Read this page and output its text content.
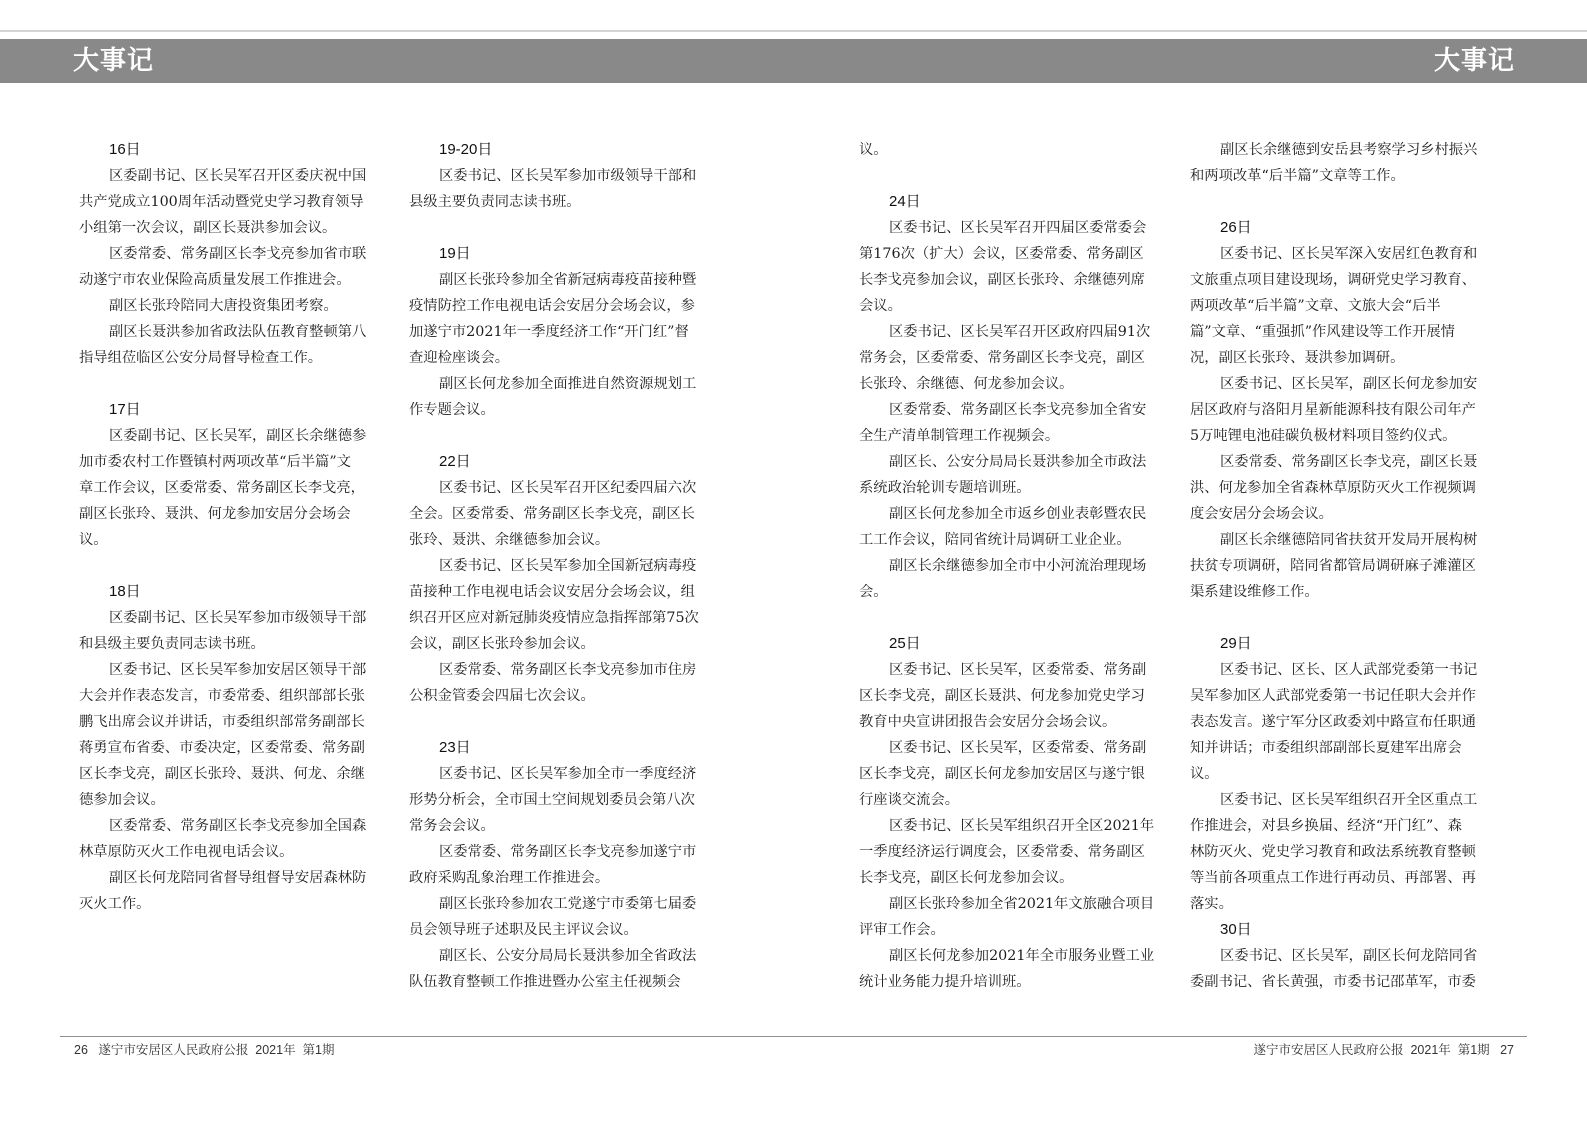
大事记	大事记
16日
区委副书记、区长吴军召开区委庆祝中国
共产党成立100周年活动暨党史学习教育领导
小组第一次会议，副区长聂洪参加会议。
区委常委、常务副区长李戈亮参加省市联
动遂宁市农业保险高质量发展工作推进会。
副区长张玲陪同大唐投资集团考察。
副区长聂洪参加省政法队伍教育整顿第八
指导组莅临区公安分局督导检查工作。
17日
区委副书记、区长吴军，副区长余继德参
加市委农村工作暨镇村两项改革“后半篇”文
章工作会议，区委常委、常务副区长李戈亮，
副区长张玲、聂洪、何龙参加安居分会场会
议。
18日
区委副书记、区长吴军参加市级领导干部
和县级主要负责同志读书班。
区委书记、区长吴军参加安居区领导干部
大会并作表态发言，市委常委、组织部部长张
鹏飞出席会议并讲话，市委组织部常务副部长
蒋勇宣布省委、市委决定，区委常委、常务副
区长李戈亮，副区长张玲、聂洪、何龙、余继
德参加会议。
区委常委、常务副区长李戈亮参加全国森
林草原防灭火工作电视电话会议。
副区长何龙陪同省督导组督导安居森林防
灭火工作。
19-20日
区委书记、区长吴军参加市级领导干部和
县级主要负责同志读书班。
19日
副区长张玲参加全省新冠病毒疫苗接种暨
疫情防控工作电视电话会安居分会场会议，参
加遂宁市2021年一季度经济工作“开门红”督
查迎检座谈会。
副区长何龙参加全面推进自然资源规划工
作专题会议。
22日
区委书记、区长吴军召开区纪委四届六次
全会。区委常委、常务副区长李戈亮，副区长
张玲、聂洪、余继德参加会议。
区委书记、区长吴军参加全国新冠病毒疫
苗接种工作电视电话会议安居分会场会议，组
织召开区应对新冠肺炎疫情应急指挥部第75次
会议，副区长张玲参加会议。
区委常委、常务副区长李戈亮参加市住房
公积金管委会四届七次会议。
23日
区委书记、区长吴军参加全市一季度经济
形势分析会，全市国土空间规划委员会第八次
常务会会议。
区委常委、常务副区长李戈亮参加遂宁市
政府采购乱象治理工作推进会。
副区长张玲参加农工党遂宁市委第七届委
员会领导班子述职及民主评议会议。
副区长、公安分局局长聂洪参加全省政法
队伍教育整顿工作推进暨办公室主任视频会
议。
24日
区委书记、区长吴军召开四届区委常委会
第176次（扩大）会议，区委常委、常务副区
长李戈亮参加会议，副区长张玲、余继德列席
会议。
区委书记、区长吴军召开区政府四届91次
常务会，区委常委、常务副区长李戈亮，副区
长张玲、余继德、何龙参加会议。
区委常委、常务副区长李戈亮参加全省安
全生产清单制管理工作视频会。
副区长、公安分局局长聂洪参加全市政法
系统政治轮训专题培训班。
副区长何龙参加全市返乡创业表彰暨农民
工工作会议，陪同省统计局调研工业企业。
副区长余继德参加全市中小河流治理现场
会。
25日
区委书记、区长吴军，区委常委、常务副
区长李戈亮，副区长聂洪、何龙参加党史学习
教育中央宣讲团报告会安居分会场会议。
区委书记、区长吴军，区委常委、常务副
区长李戈亮，副区长何龙参加安居区与遂宁银
行座谈交流会。
区委书记、区长吴军组织召开全区2021年
一季度经济运行调度会，区委常委、常务副区
长李戈亮，副区长何龙参加会议。
副区长张玲参加全省2021年文旅融合项目
评审工作会。
副区长何龙参加2021年全市服务业暨工业
统计业务能力提升培训班。
副区长余继德到安岳县考察学习乡村振兴
和两项改革“后半篇”文章等工作。
26日
区委书记、区长吴军深入安居红色教育和
文旅重点项目建设现场，调研党史学习教育、
两项改革“后半篇”文章、文旅大会“后半
篇”文章、“重强抓”作风建设等工作开展情
况，副区长张玲、聂洪参加调研。
区委书记、区长吴军，副区长何龙参加安
居区政府与洛阳月星新能源科技有限公司年产
5万吨锂电池硅碳负极材料项目签约仪式。
区委常委、常务副区长李戈亮，副区长聂
洪、何龙参加全省森林草原防灭火工作视频调
度会安居分会场会议。
副区长余继德陪同省扶贫开发局开展构树
扶贫专项调研，陪同省都管局调研麻子滩灌区
渠系建设维修工作。
29日
区委书记、区长、区人武部党委第一书记
吴军参加区人武部党委第一书记任职大会并作
表态发言。遂宁军分区政委刘中路宣布任职通
知并讲话；市委组织部副部长夏建军出席会
议。
区委书记、区长吴军组织召开全区重点工
作推进会，对县乡换届、经济“开门红”、森
林防灭火、党史学习教育和政法系统教育整顿
等当前各项重点工作进行再动员、再部署、再
落实。
30日
区委书记、区长吴军，副区长何龙陪同省
委副书记、省长黄强，市委书记邵革军，市委
26 遂宁市安居区人民政府公报  2021年  第1期	遂宁市安居区人民政府公报  2021年  第1期 27
